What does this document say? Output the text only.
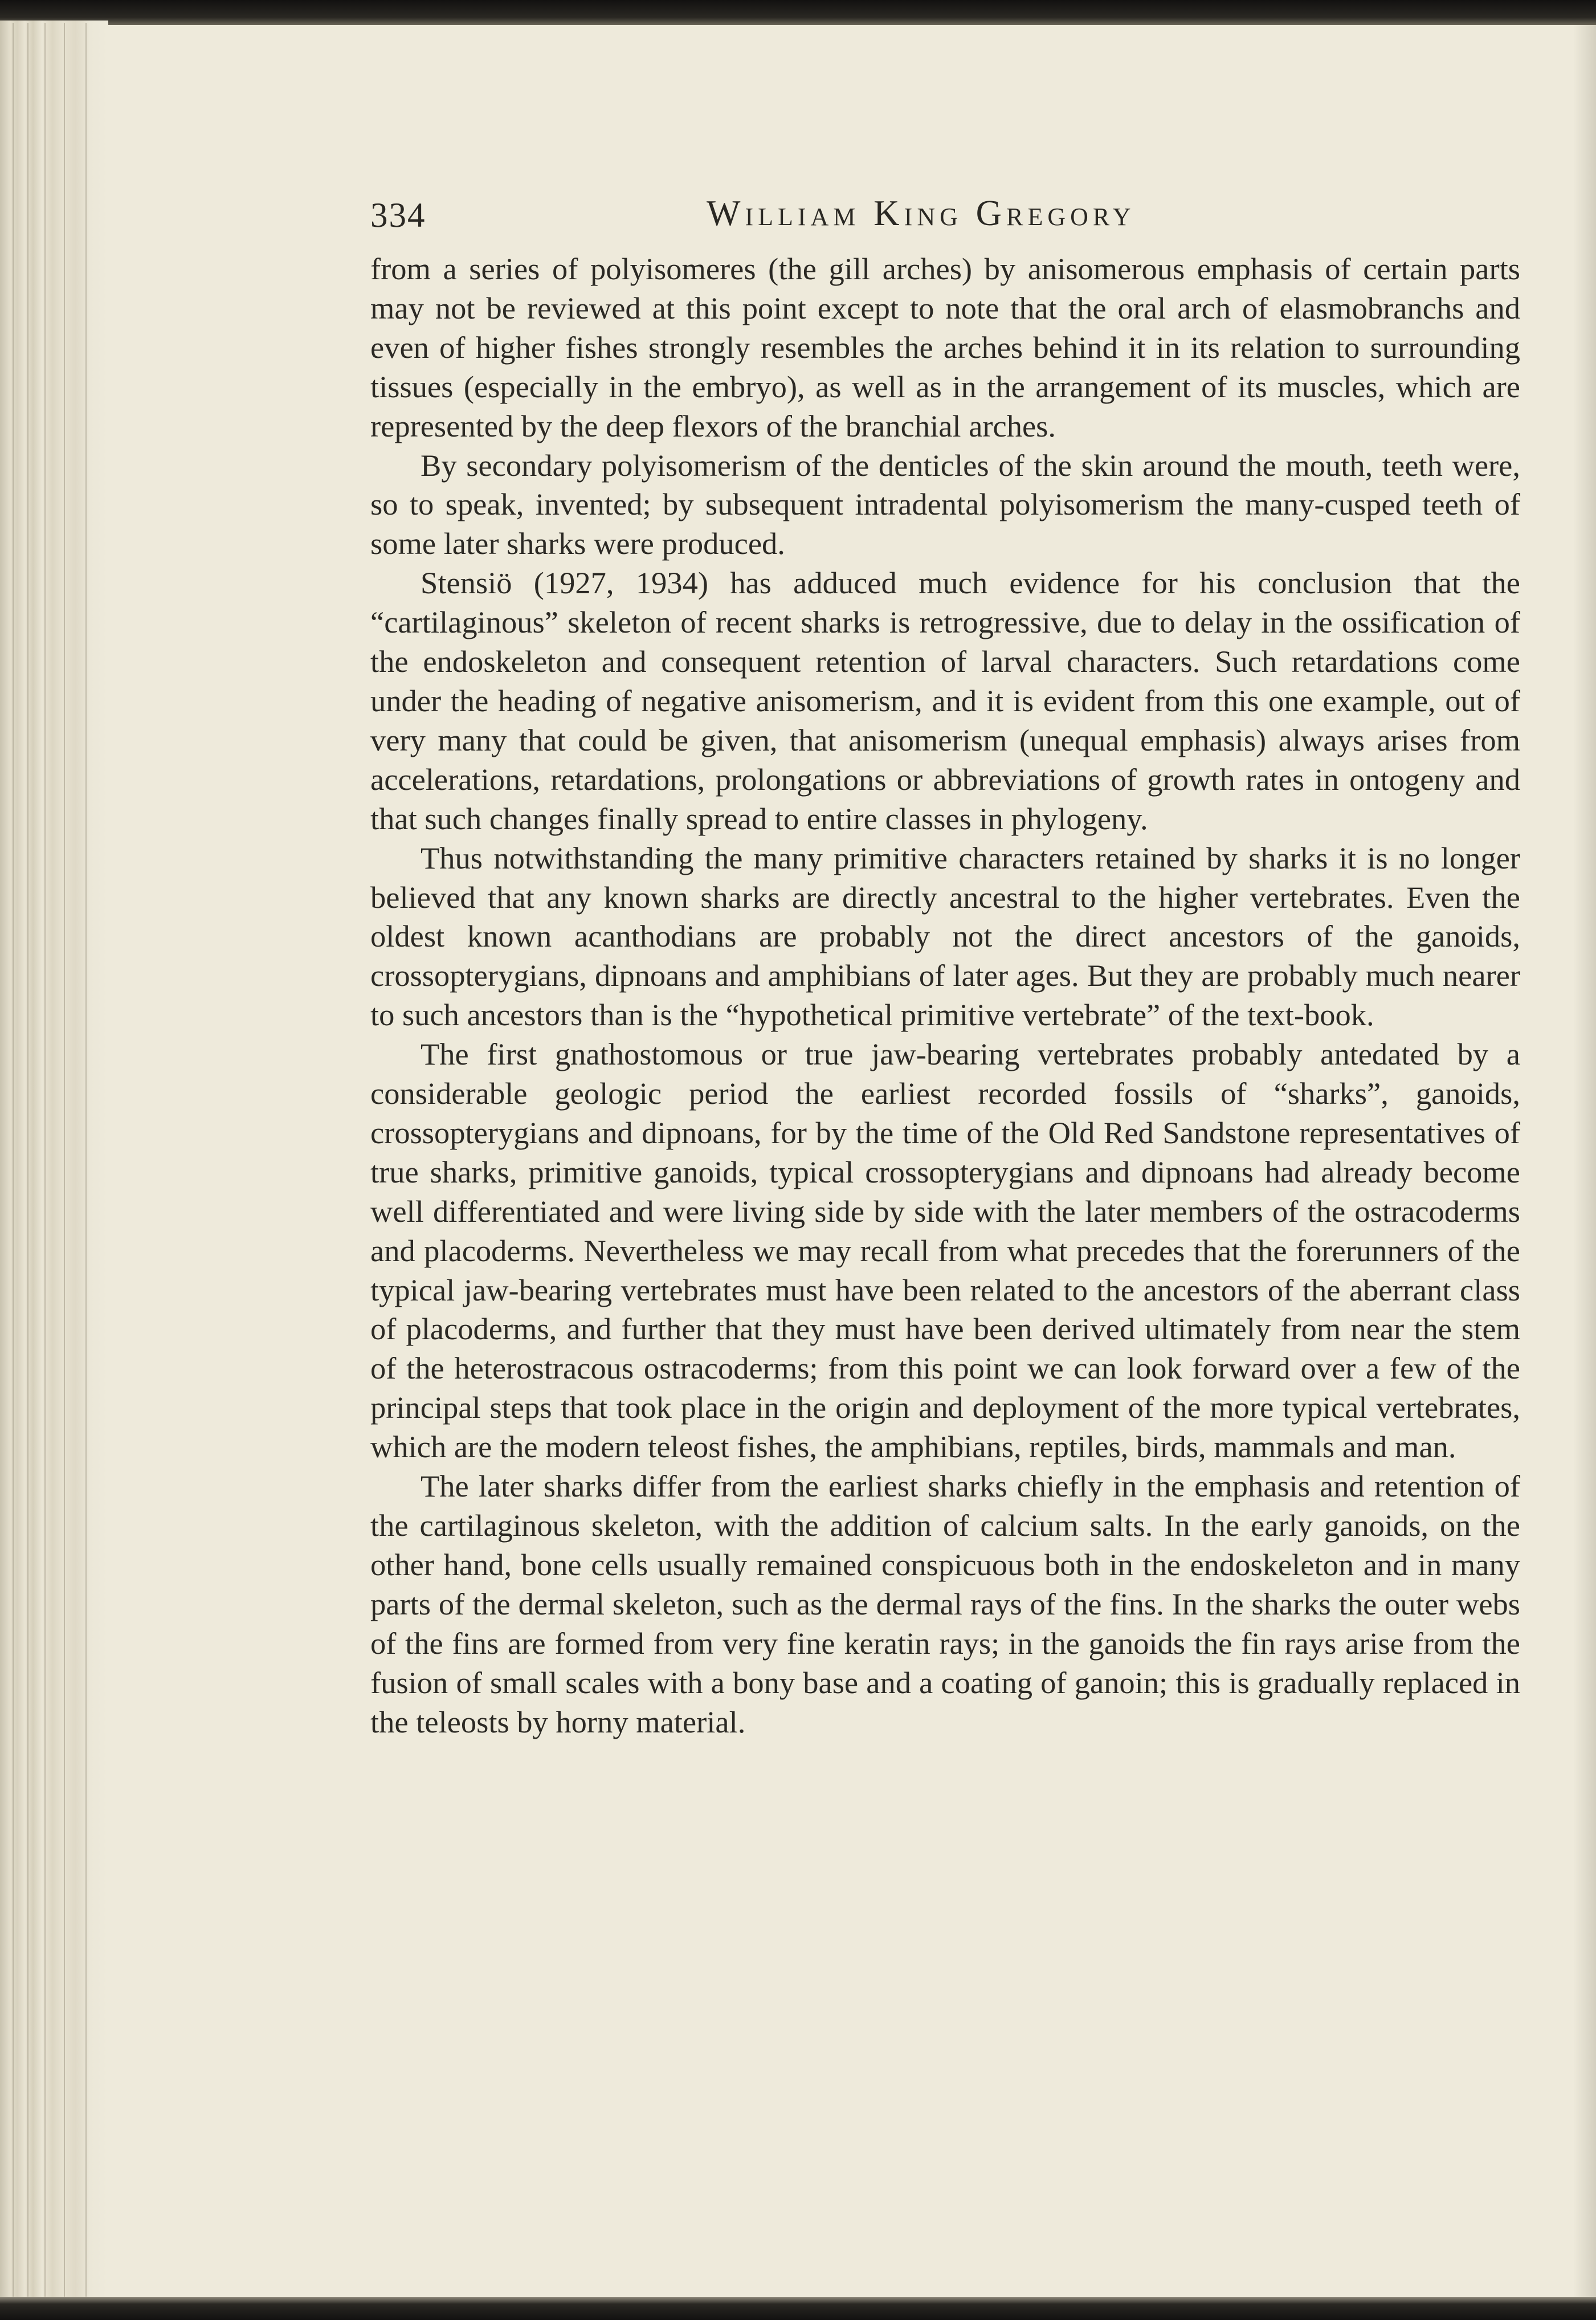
334	William King Gregory

from a series of polyisomeres (the gill arches) by anisomerous emphasis of certain parts may not be reviewed at this point except to note that the oral arch of elasmobranchs and even of higher fishes strongly resembles the arches behind it in its relation to surrounding tissues (especially in the embryo), as well as in the arrangement of its muscles, which are represented by the deep flexors of the branchial arches.

By secondary polyisomerism of the denticles of the skin around the mouth, teeth were, so to speak, invented; by subsequent intradental polyisomerism the many-cusped teeth of some later sharks were produced.

Stensiö (1927, 1934) has adduced much evidence for his conclusion that the “cartilaginous” skeleton of recent sharks is retrogressive, due to delay in the ossification of the endoskeleton and consequent retention of larval characters. Such retardations come under the heading of negative anisomerism, and it is evident from this one example, out of very many that could be given, that anisomerism (unequal emphasis) always arises from accelerations, retardations, prolongations or abbreviations of growth rates in ontogeny and that such changes finally spread to entire classes in phylogeny.

Thus notwithstanding the many primitive characters retained by sharks it is no longer believed that any known sharks are directly ancestral to the higher vertebrates. Even the oldest known acanthodians are probably not the direct ancestors of the ganoids, crossopterygians, dipnoans and amphibians of later ages. But they are probably much nearer to such ancestors than is the “hypothetical primitive vertebrate” of the text-book.

The first gnathostomous or true jaw-bearing vertebrates probably antedated by a considerable geologic period the earliest recorded fossils of “sharks”, ganoids, crossopterygians and dipnoans, for by the time of the Old Red Sandstone representatives of true sharks, primitive ganoids, typical crossopterygians and dipnoans had already become well differentiated and were living side by side with the later members of the ostracoderms and placoderms. Nevertheless we may recall from what precedes that the forerunners of the typical jaw-bearing vertebrates must have been related to the ancestors of the aberrant class of placoderms, and further that they must have been derived ultimately from near the stem of the heterostracous ostracoderms; from this point we can look forward over a few of the principal steps that took place in the origin and deployment of the more typical vertebrates, which are the modern teleost fishes, the amphibians, reptiles, birds, mammals and man.

The later sharks differ from the earliest sharks chiefly in the emphasis and retention of the cartilaginous skeleton, with the addition of calcium salts. In the early ganoids, on the other hand, bone cells usually remained conspicuous both in the endoskeleton and in many parts of the dermal skeleton, such as the dermal rays of the fins. In the sharks the outer webs of the fins are formed from very fine keratin rays; in the ganoids the fin rays arise from the fusion of small scales with a bony base and a coating of ganoin; this is gradually replaced in the teleosts by horny material.
